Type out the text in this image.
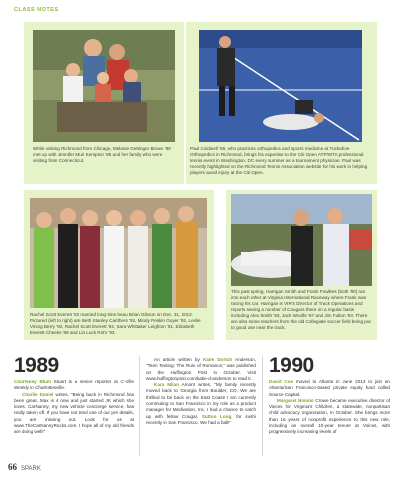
CLASS NOTES
While visiting Richmond from Chicago, Melanie Gettinger Brown '89 met up with Jennifer Muir Kempton '89 and her family who were visiting from Connecticut.
Paul Coldwell '89, who practices orthopedics and sports medicine at Tuckahoe Orthopedics in Richmond, brings his expertise to the Citi Open ATP/WTA professional tennis event in Washington, DC every summer as a tournament physician. Paul was recently highlighted on the Richmond Tennis Association website for his work in helping players avoid injury at the Citi Open.
Rachel Scott Everett '92 married long-time beau Brian Gibson on Dec. 31, 2012. Pictured (left to right) are Beth Stanley Carithers '92, Mindy Peskin Goyer '92, Leslie Vining Berry '92, Rachel Scott Everett '92, Sara Whittaker Leighton '91, Elizabeth Everett Cheeks '86 and Lin Luck Rohr '93.
This past spring, Harrigan Smith and Frank Fowlkes (both '90) ran into each other at Virginia International Raceway where Frank was racing his car. Harrigan is VIR's Director of Track Operations and reports seeing a number of Cougars there on a regular basis including Alex Smith '93, Jack Woolfe '87 and Jim Fulton '93. There are also some teachers from the old Collegiate soccer field being put to good use near the track.
1989
Courteney Blum Stuart is a senior reporter at C-Ville Weekly in Charlottesville.
Charlie Daniel writes, "Being back in Richmond has been great. Max is 4 now and just started JK which she loves. CarNanny, my new vehicle concierge service, has really taken off. If you have not tried one of our pre details, you are missing out. Look for us at www.TheCarNannyRocks.com. I hope all of my old friends are doing well!"
An article written by Katie Dortch Anderson, "Teen Texting: The Ruin of Romance," was published on the Huffington Post in October. Visit www.huffingtonpost.com/katie-d-anderson to read it.
Kara Milan Amont writes, "My family recently moved back to Georgia from Boulder, CO. We are thrilled to be back on the East Coast! I am currently commuting to San Francisco in my role as a product manager for Medivation, Inc. I had a chance to catch up with fellow Cougar, Sutton Long, for sushi recently in San Francisco. We had a ball!"
1990
David Coe moved to Atlanta in June 2013 to join an Atlanta/San Francisco-based private equity fund called Source Capital.
Margaret Nimmo Crowe became executive director of Voices for Virginia's Children, a statewide, nonpartisan child advocacy organization, in October. She brings more than 16 years of nonprofit experience to this new role, including an overall 10-year tenure at Voices, with progressively increasing levels of
66 SPARK
